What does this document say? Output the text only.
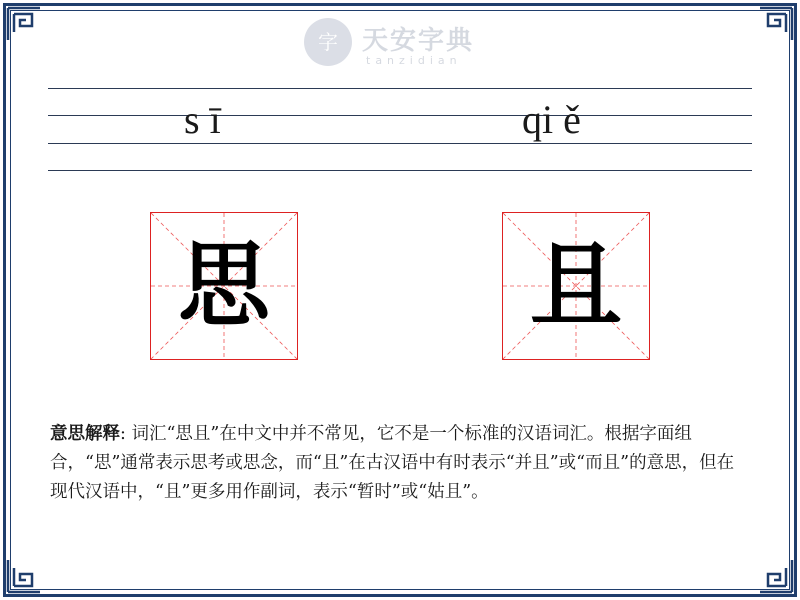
字 天安字典
tanzidian
s ī	qi ě
思	且
意思解释: 词汇“思且”在中文中并不常见，它不是一个标准的汉语词汇。根据字面组合，“思”通常表示思考或思念，而“且”在古汉语中有时表示“并且”或“而且”的意思，但在现代汉语中，“且”更多用作副词，表示“暂时”或“姑且”。
